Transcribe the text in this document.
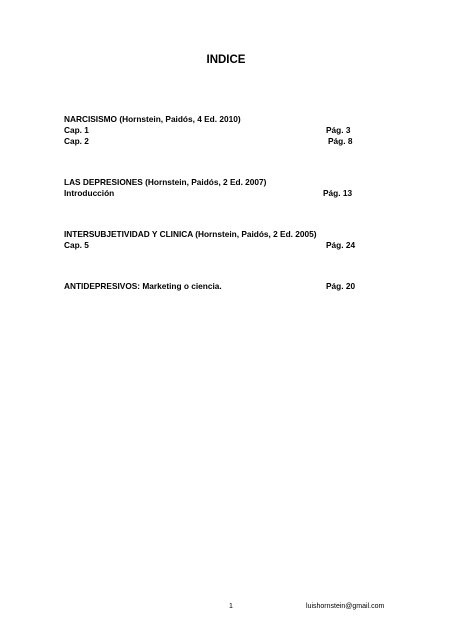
INDICE
NARCISISMO (Hornstein, Paidós, 4 Ed. 2010)
Cap. 1	Pág. 3
Cap. 2	Pág. 8
LAS DEPRESIONES (Hornstein, Paidós, 2 Ed. 2007)
Introducción	Pág. 13
INTERSUBJETIVIDAD Y CLINICA (Hornstein, Paidós, 2 Ed. 2005)
Cap. 5	Pág. 24
ANTIDEPRESIVOS: Marketing o ciencia.	Pág. 20
1	luishornstein@gmail.com
